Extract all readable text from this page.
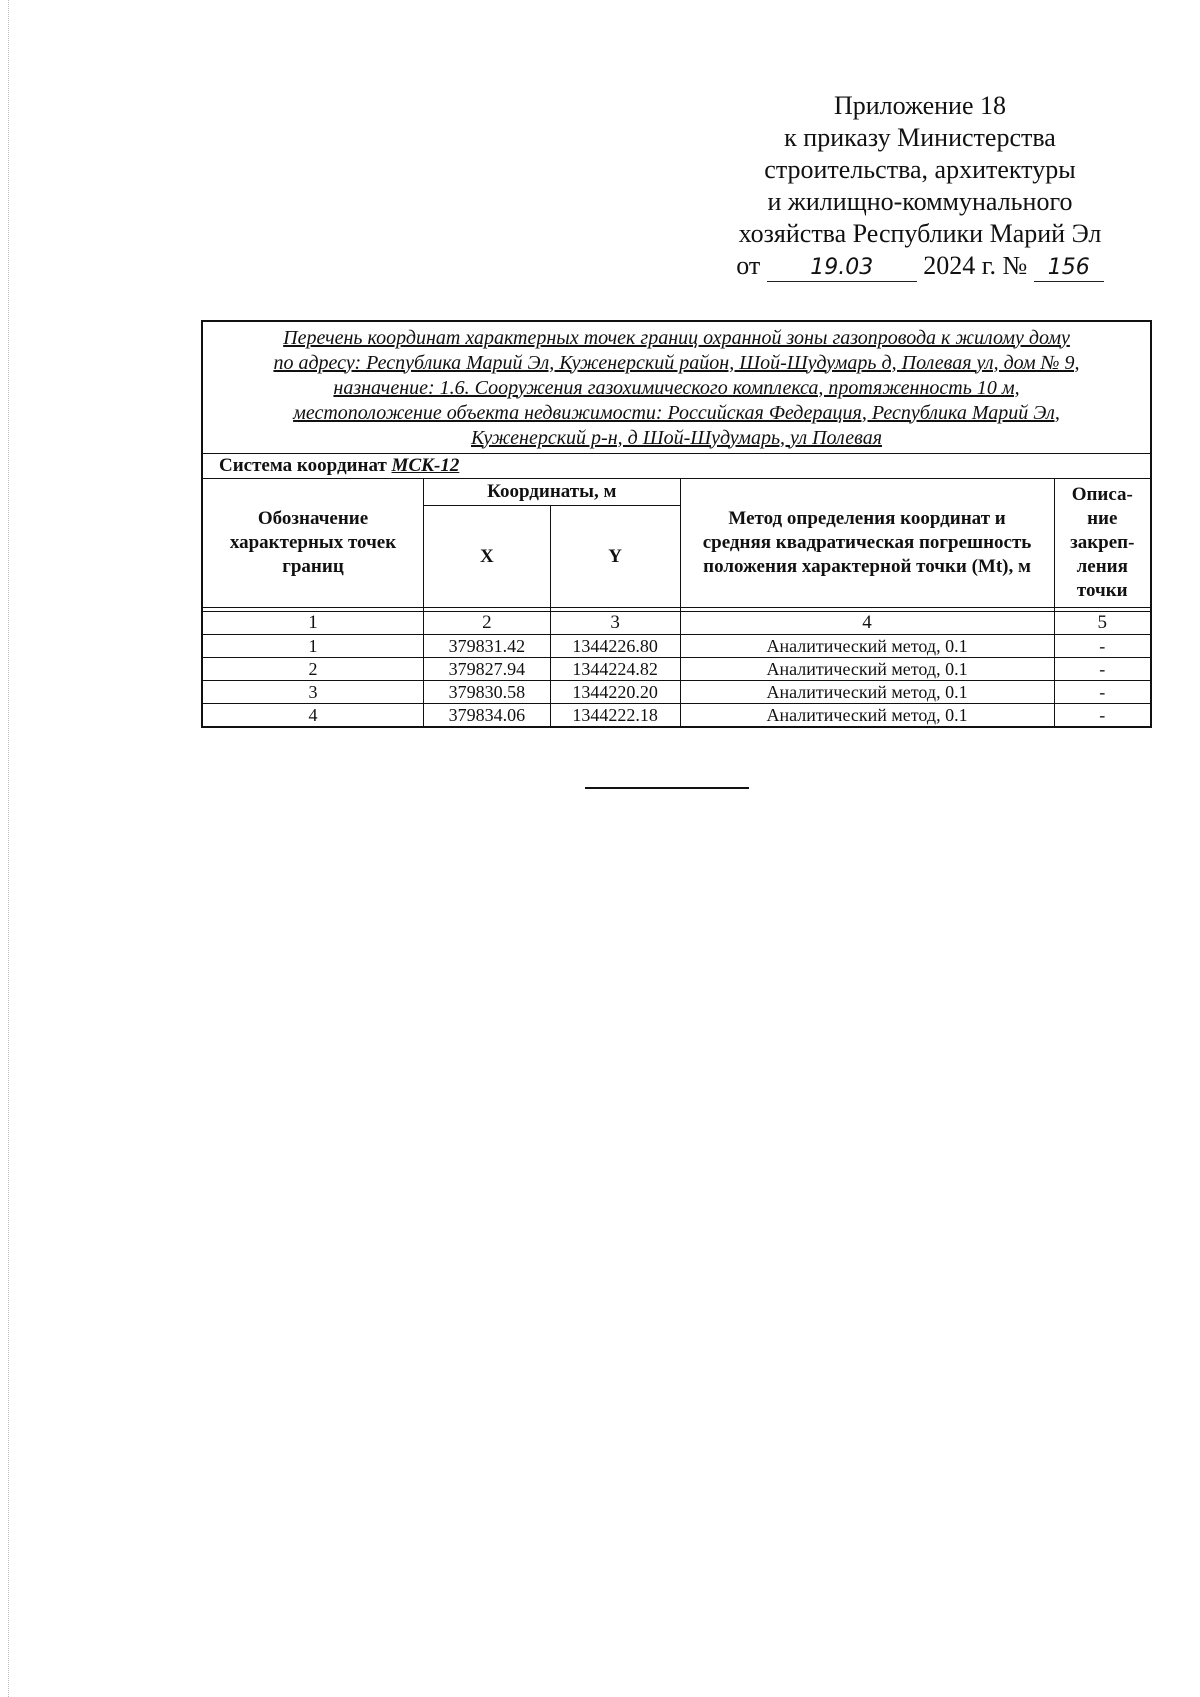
Приложение 18
к приказу Министерства
строительства, архитектуры
и жилищно-коммунального
хозяйства Республики Марий Эл
от 19.03 2024 г. № 156
Перечень координат характерных точек границ охранной зоны газопровода к жилому дому
по адресу: Республика Марий Эл, Куженерский район, Шой-Шудумарь д, Полевая ул, дом № 9,
назначение: 1.6. Сооружения газохимического комплекса, протяженность 10 м,
местоположение объекта недвижимости: Российская Федерация, Республика Марий Эл,
Куженерский р-н, д Шой-Шудумарь, ул Полевая				

Система координат МСК-12				
Обозначение характерных точек границ	Координаты, м		Метод определения координат и средняя квадратическая погрешность положения характерной точки (Mt), м	Описа-ние закреп-ления точки
	X	Y		

1	2	3	4	5
1	379831.42	1344226.80	Аналитический метод, 0.1	-
2	379827.94	1344224.82	Аналитический метод, 0.1	-
3	379830.58	1344220.20	Аналитический метод, 0.1	-
4	379834.06	1344222.18	Аналитический метод, 0.1	-
